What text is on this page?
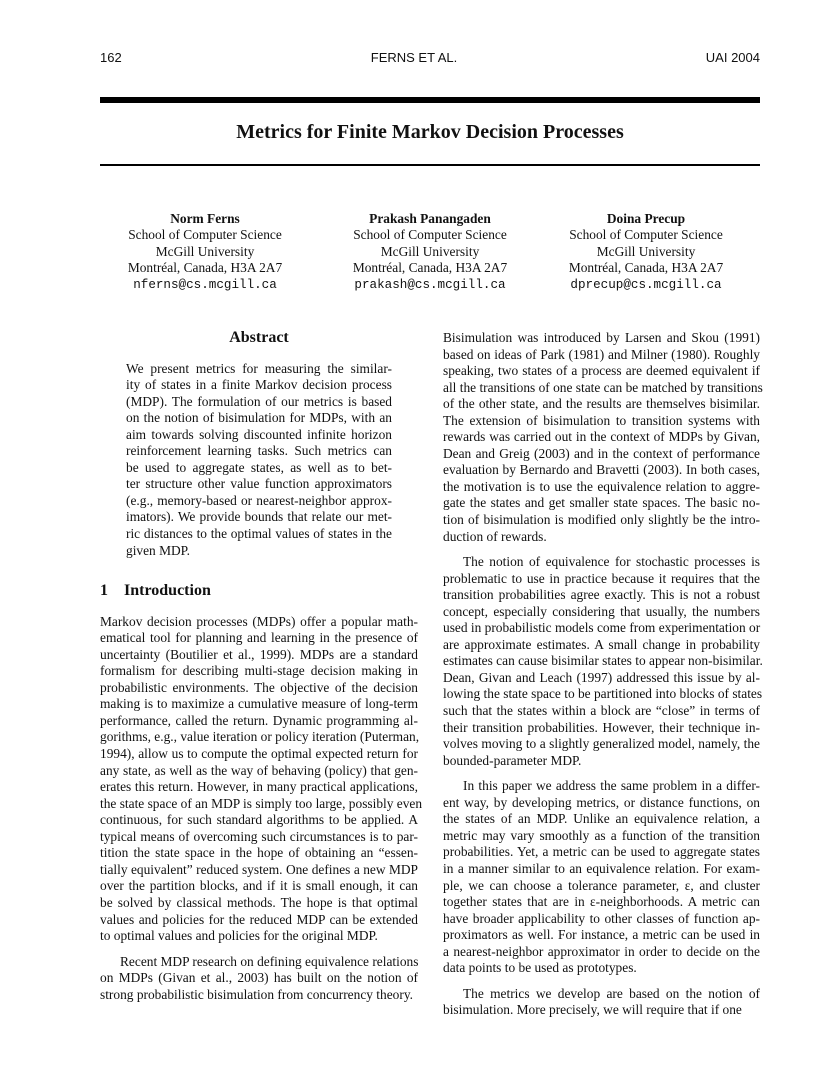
162	FERNS ET AL.	UAI 2004
Metrics for Finite Markov Decision Processes
Norm Ferns
School of Computer Science
McGill University
Montréal, Canada, H3A 2A7
nferns@cs.mcgill.ca
Prakash Panangaden
School of Computer Science
McGill University
Montréal, Canada, H3A 2A7
prakash@cs.mcgill.ca
Doina Precup
School of Computer Science
McGill University
Montréal, Canada, H3A 2A7
dprecup@cs.mcgill.ca
Abstract
We present metrics for measuring the similar-
ity of states in a finite Markov decision process
(MDP). The formulation of our metrics is based
on the notion of bisimulation for MDPs, with an
aim towards solving discounted infinite horizon
reinforcement learning tasks. Such metrics can
be used to aggregate states, as well as to bet-
ter structure other value function approximators
(e.g., memory-based or nearest-neighbor approx-
imators). We provide bounds that relate our met-
ric distances to the optimal values of states in the
given MDP.
1 Introduction
Markov decision processes (MDPs) offer a popular math-
ematical tool for planning and learning in the presence of
uncertainty (Boutilier et al., 1999). MDPs are a standard
formalism for describing multi-stage decision making in
probabilistic environments. The objective of the decision
making is to maximize a cumulative measure of long-term
performance, called the return. Dynamic programming al-
gorithms, e.g., value iteration or policy iteration (Puterman,
1994), allow us to compute the optimal expected return for
any state, as well as the way of behaving (policy) that gen-
erates this return. However, in many practical applications,
the state space of an MDP is simply too large, possibly even
continuous, for such standard algorithms to be applied. A
typical means of overcoming such circumstances is to par-
tition the state space in the hope of obtaining an “essen-
tially equivalent” reduced system. One defines a new MDP
over the partition blocks, and if it is small enough, it can
be solved by classical methods. The hope is that optimal
values and policies for the reduced MDP can be extended
to optimal values and policies for the original MDP.
Recent MDP research on defining equivalence relations
on MDPs (Givan et al., 2003) has built on the notion of
strong probabilistic bisimulation from concurrency theory.
Bisimulation was introduced by Larsen and Skou (1991)
based on ideas of Park (1981) and Milner (1980). Roughly
speaking, two states of a process are deemed equivalent if
all the transitions of one state can be matched by transitions
of the other state, and the results are themselves bisimilar.
The extension of bisimulation to transition systems with
rewards was carried out in the context of MDPs by Givan,
Dean and Greig (2003) and in the context of performance
evaluation by Bernardo and Bravetti (2003). In both cases,
the motivation is to use the equivalence relation to aggre-
gate the states and get smaller state spaces. The basic no-
tion of bisimulation is modified only slightly be the intro-
duction of rewards.
The notion of equivalence for stochastic processes is
problematic to use in practice because it requires that the
transition probabilities agree exactly. This is not a robust
concept, especially considering that usually, the numbers
used in probabilistic models come from experimentation or
are approximate estimates. A small change in probability
estimates can cause bisimilar states to appear non-bisimilar.
Dean, Givan and Leach (1997) addressed this issue by al-
lowing the state space to be partitioned into blocks of states
such that the states within a block are “close” in terms of
their transition probabilities. However, their technique in-
volves moving to a slightly generalized model, namely, the
bounded-parameter MDP.
In this paper we address the same problem in a differ-
ent way, by developing metrics, or distance functions, on
the states of an MDP. Unlike an equivalence relation, a
metric may vary smoothly as a function of the transition
probabilities. Yet, a metric can be used to aggregate states
in a manner similar to an equivalence relation. For exam-
ple, we can choose a tolerance parameter, ε, and cluster
together states that are in ε-neighborhoods. A metric can
have broader applicability to other classes of function ap-
proximators as well. For instance, a metric can be used in
a nearest-neighbor approximator in order to decide on the
data points to be used as prototypes.
The metrics we develop are based on the notion of
bisimulation. More precisely, we will require that if one
